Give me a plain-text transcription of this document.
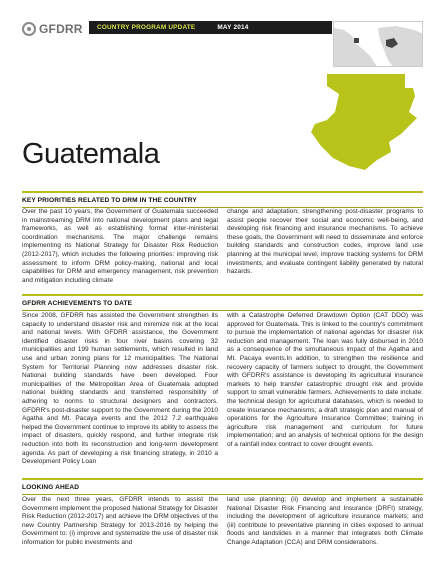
GFDRR COUNTRY PROGRAM UPDATE	MAY 2014
Guatemala
KEY PRIORITIES RELATED TO DRM IN THE COUNTRY

Over the past 10 years, the Government of Guatemala succeeded in mainstreaming DRM into national development plans and legal frameworks, as well as establishing formal inter-ministerial coordination mechanisms. The major challenge remains implementing its National Strategy for Disaster Risk Reduction (2012-2017), which includes the following priorities: improving risk assessment to inform DRM policy-making, national and local capabilities for DRM and emergency management, risk prevention and mitigation including climate

change and adaptation; strengthening post-disaster programs to assist people recover their social and economic well-being, and developing risk financing and insurance mechanisms. To achieve these goals, the Government will need to disseminate and enforce building standards and construction codes, improve land use planning at the municipal level, improve tracking systems for DRM investments, and evaluate contingent liability generated by natural hazards.

GFDRR ACHIEVEMENTS TO DATE

Since 2008, GFDRR has assisted the Government strengthen its capacity to understand disaster risk and minimize risk at the local and national levels. With GFDRR assistance, the Government identified disaster risks in four river basins covering 32 municipalities and 199 human settlements, which resulted in land use and urban zoning plans for 12 municipalities. The National System for Territorial Planning now addresses disaster risk. National building standards have been developed. Four municipalities of the Metropolitan Area of Guatemala adopted national building standards and transferred responsibility of adhering to norms to structural designers and contractors. GFDRR's post-disaster support to the Government during the 2010 Agatha and Mt. Pacaya events and the 2012 7.2 earthquake helped the Government continue to improve its ability to assess the impact of disasters, quickly respond, and further integrate risk reduction into both its reconstruction and long-term development agenda. As part of developing a risk financing strategy, in 2010 a Development Policy Loan

with a Catastrophe Deferred Drawdown Option (CAT DDO) was approved for Guatemala. This is linked to the country's commitment to pursue the implementation of national agendas for disaster risk reduction and management. The loan was fully disbursed in 2010 as a consequence of the simultaneous impact of the Agatha and Mt. Pacaya events.In addition, to strengthen the resilience and recovery capacity of farmers subject to drought, the Government with GFDRR's assistance is developing its agricultural insurance markets to help transfer catastrophic drought risk and provide support to small vulnerable farmers. Achievements to date include: the technical design for agricultural databases, which is needed to create insurance mechanisms; a draft strategic plan and manual of operations for the Agriculture Insurance Committee; training in agriculture risk management and curriculum for future implementation; and an analysis of technical options for the design of a rainfall index contract to cover drought events.

LOOKING AHEAD

Over the next three years, GFDRR intends to assist the Government implement the proposed National Strategy for Disaster Risk Reduction (2012-2017) and achieve the DRM objectives of the new Country Partnership Strategy for 2013-2016 by helping the Government to: (i) improve and systematize the use of disaster risk information for public investments and

land use planning; (ii) develop and implement a sustainable National Disaster Risk Financing and Insurance (DRFI) strategy, including the development of agriculture insurance markets; and (iii) contribute to preventative planning in cities exposed to annual floods and landslides in a manner that integrates both Climate Change Adaptation (CCA) and DRM considerations.
